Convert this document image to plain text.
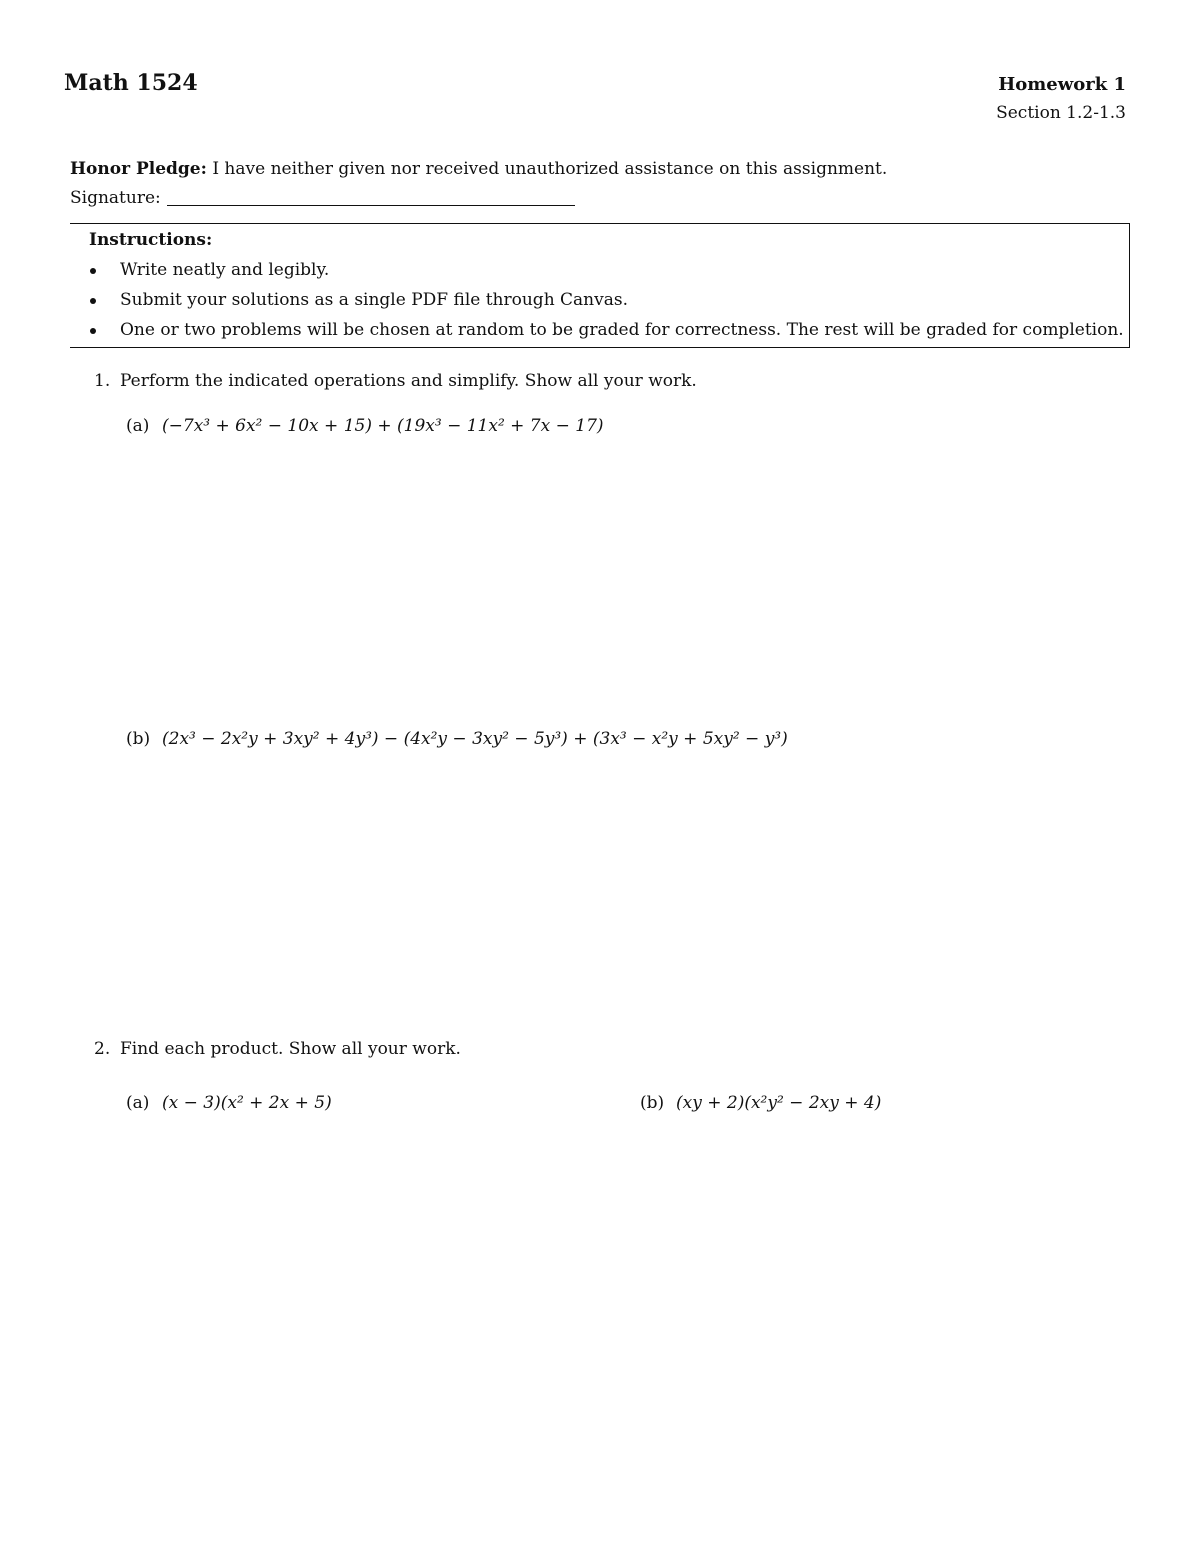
Math 1524	Homework 1
Section 1.2-1.3
Honor Pledge: I have neither given nor received unauthorized assistance on this assignment.
Signature:
Instructions:
Write neatly and legibly.
Submit your solutions as a single PDF file through Canvas.
One or two problems will be chosen at random to be graded for correctness. The rest will be graded for completion.
1. Perform the indicated operations and simplify. Show all your work.
(a) (−7x³ + 6x² − 10x + 15) + (19x³ − 11x² + 7x − 17)
(b) (2x³ − 2x²y + 3xy² + 4y³) − (4x²y − 3xy² − 5y³) + (3x³ − x²y + 5xy² − y³)
2. Find each product. Show all your work.
(a) (x − 3)(x² + 2x + 5)	(b) (xy + 2)(x²y² − 2xy + 4)
